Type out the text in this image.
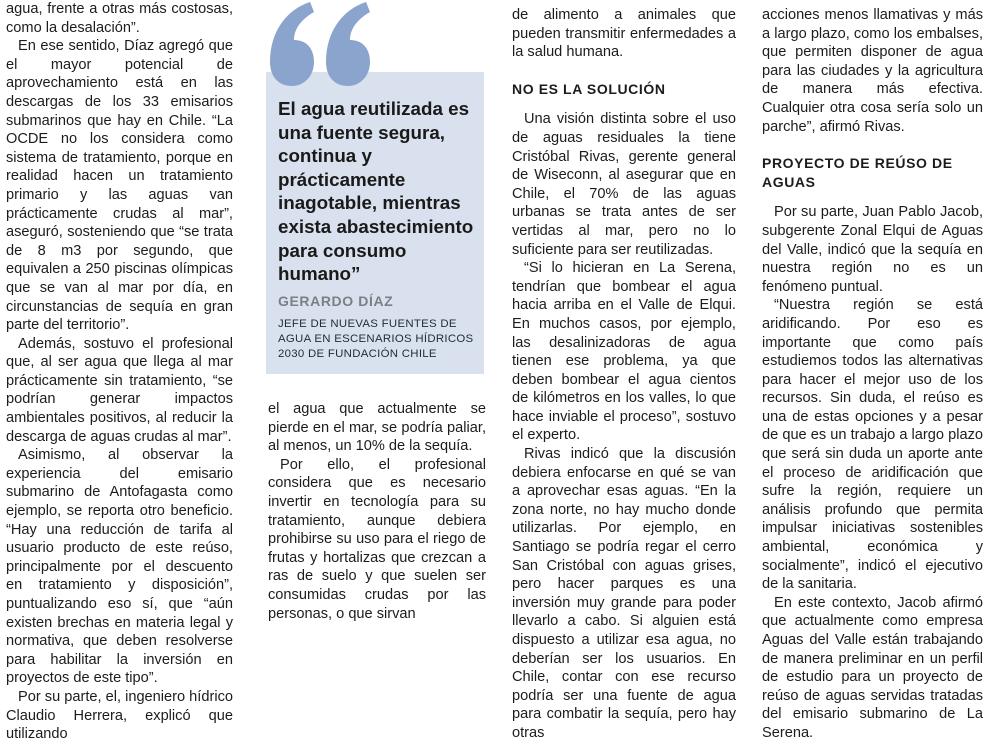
agua, frente a otras más costosas, como la desalación”.

En ese sentido, Díaz agregó que el mayor potencial de aprovechamiento está en las descargas de los 33 emisarios submarinos que hay en Chile. “La OCDE no los considera como sistema de tratamiento, porque en realidad hacen un tratamiento primario y las aguas van prácticamente crudas al mar”, aseguró, sosteniendo que “se trata de 8 m3 por segundo, que equivalen a 250 piscinas olímpicas que se van al mar por día, en circunstancias de sequía en gran parte del territorio”.

Además, sostuvo el profesional que, al ser agua que llega al mar prácticamente sin tratamiento, “se podrían generar impactos ambientales positivos, al reducir la descarga de aguas crudas al mar”.

Asimismo, al observar la experiencia del emisario submarino de Antofagasta como ejemplo, se reporta otro beneficio. “Hay una reducción de tarifa al usuario producto de este reúso, principalmente por el descuento en tratamiento y disposición”, puntualizando eso sí, que “aún existen brechas en materia legal y normativa, que deben resolverse para habilitar la inversión en proyectos de este tipo”.

Por su parte, el, ingeniero hídrico Claudio Herrera, explicó que utilizando

El agua reutilizada es una fuente segura, continua y prácticamente inagotable, mientras exista abastecimiento para consumo humano”

GERARDO DÍAZ

JEFE DE NUEVAS FUENTES DE AGUA EN ESCENARIOS HÍDRICOS 2030 DE FUNDACIÓN CHILE

el agua que actualmente se pierde en el mar, se podría paliar, al menos, un 10% de la sequía.

Por ello, el profesional considera que es necesario invertir en tecnología para su tratamiento, aunque debiera prohibirse su uso para el riego de frutas y hortalizas que crezcan a ras de suelo y que suelen ser consumidas crudas por las personas, o que sirvan

de alimento a animales que pueden transmitir enfermedades a la salud humana.

NO ES LA SOLUCIÓN

Una visión distinta sobre el uso de aguas residuales la tiene Cristóbal Rivas, gerente general de Wiseconn, al asegurar que en Chile, el 70% de las aguas urbanas se trata antes de ser vertidas al mar, pero no lo suficiente para ser reutilizadas.

“Si lo hicieran en La Serena, tendrían que bombear el agua hacia arriba en el Valle de Elqui. En muchos casos, por ejemplo, las desalinizadoras de agua tienen ese problema, ya que deben bombear el agua cientos de kilómetros en los valles, lo que hace inviable el proceso”, sostuvo el experto.

Rivas indicó que la discusión debiera enfocarse en qué se van a aprovechar esas aguas. “En la zona norte, no hay mucho donde utilizarlas. Por ejemplo, en Santiago se podría regar el cerro San Cristóbal con aguas grises, pero hacer parques es una inversión muy grande para poder llevarlo a cabo. Si alguien está dispuesto a utilizar esa agua, no deberían ser los usuarios. En Chile, contar con ese recurso podría ser una fuente de agua para combatir la sequía, pero hay otras

acciones menos llamativas y más a largo plazo, como los embalses, que permiten disponer de agua para las ciudades y la agricultura de manera más efectiva. Cualquier otra cosa sería solo un parche”, afirmó Rivas.

PROYECTO DE REÚSO DE AGUAS

Por su parte, Juan Pablo Jacob, subgerente Zonal Elqui de Aguas del Valle, indicó que la sequía en nuestra región no es un fenómeno puntual.

“Nuestra región se está aridificando. Por eso es importante que como país estudiemos todos las alternativas para hacer el mejor uso de los recursos. Sin duda, el reúso es una de estas opciones y a pesar de que es un trabajo a largo plazo que será sin duda un aporte ante el proceso de aridificación que sufre la región, requiere un análisis profundo que permita impulsar iniciativas sostenibles ambiental, económica y socialmente”, indicó el ejecutivo de la sanitaria.

En este contexto, Jacob afirmó que actualmente como empresa Aguas del Valle están trabajando de manera preliminar en un perfil de estudio para un proyecto de reúso de aguas servidas tratadas del emisario submarino de La Serena.
